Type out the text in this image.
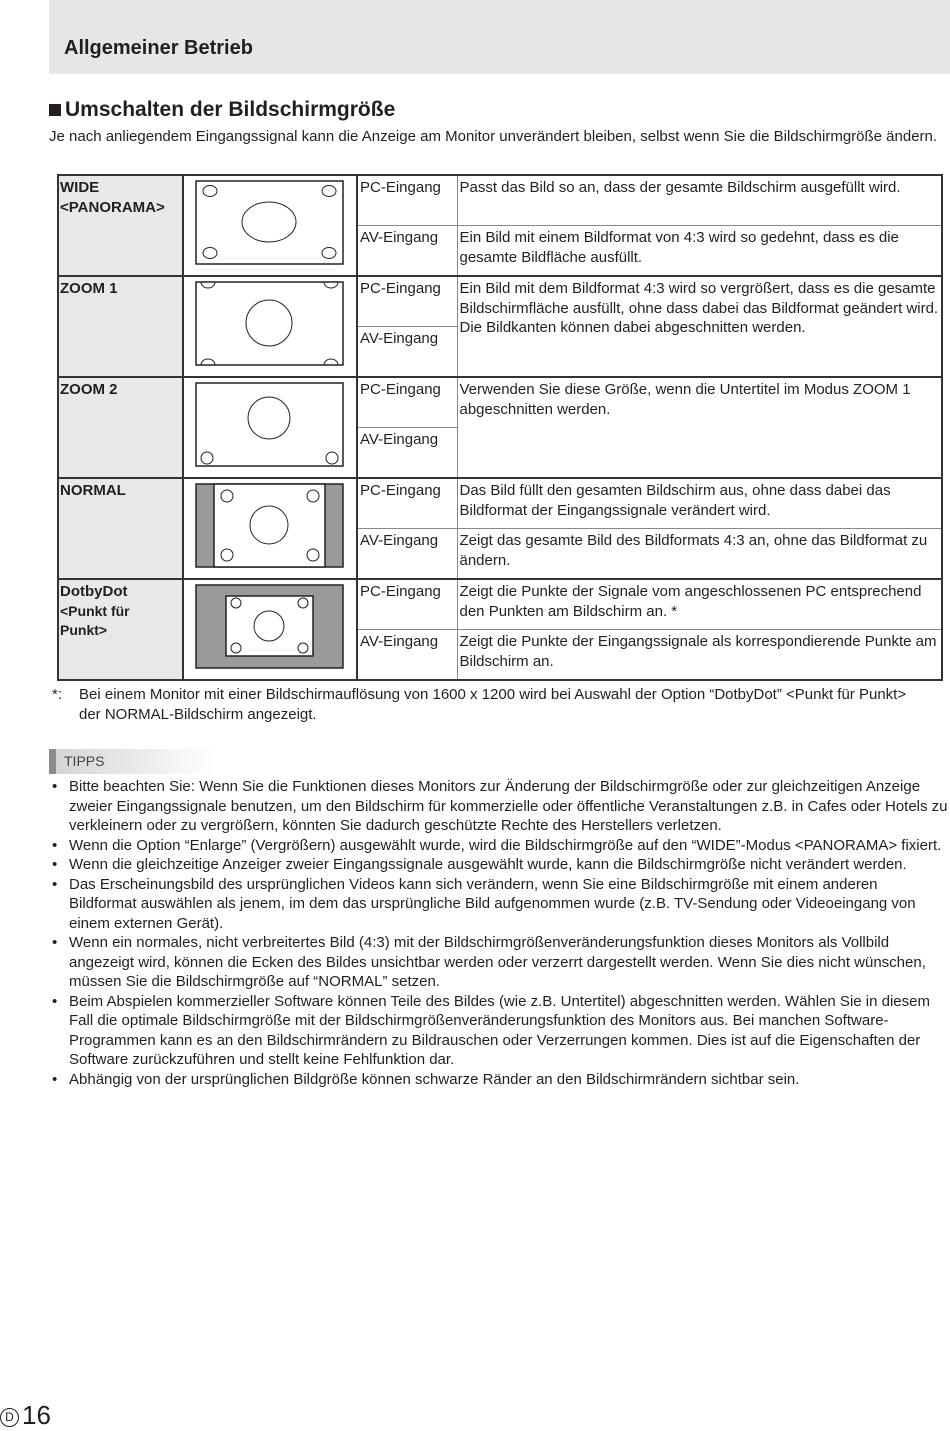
Allgemeiner Betrieb
Umschalten der Bildschirmgröße
Je nach anliegendem Eingangssignal kann die Anzeige am Monitor unverändert bleiben, selbst wenn Sie die Bildschirmgröße ändern.
WIDE
<PANORAMA>		PC-Eingang	Passt das Bild so an, dass der gesamte Bildschirm ausgefüllt wird.
		AV-Eingang	Ein Bild mit einem Bildformat von 4:3 wird so gedehnt, dass es die gesamte Bildfläche ausfüllt.
ZOOM 1		PC-Eingang	Ein Bild mit dem Bildformat 4:3 wird so vergrößert, dass es die gesamte Bildschirmfläche ausfüllt, ohne dass dabei das Bildformat geändert wird. Die Bildkanten können dabei abgeschnitten werden.
		AV-Eingang	
ZOOM 2		PC-Eingang	Verwenden Sie diese Größe, wenn die Untertitel im Modus ZOOM 1 abgeschnitten werden.
		AV-Eingang	
NORMAL		PC-Eingang	Das Bild füllt den gesamten Bildschirm aus, ohne dass dabei das Bildformat der Eingangssignale verändert wird.
		AV-Eingang	Zeigt das gesamte Bild des Bildformats 4:3 an, ohne das Bildformat zu ändern.

DotbyDot
<Punkt für Punkt>		PC-Eingang	Zeigt die Punkte der Signale vom angeschlossenen PC entsprechend den Punkten am Bildschirm an. *
		AV-Eingang	Zeigt die Punkte der Eingangssignale als korrespondierende Punkte am Bildschirm an.
*: Bei einem Monitor mit einer Bildschirmauflösung von 1600 x 1200 wird bei Auswahl der Option “DotbyDot” <Punkt für Punkt> der NORMAL-Bildschirm angezeigt.
TIPPS
• Bitte beachten Sie: Wenn Sie die Funktionen dieses Monitors zur Änderung der Bildschirmgröße oder zur gleichzeitigen Anzeige zweier Eingangssignale benutzen, um den Bildschirm für kommerzielle oder öffentliche Veranstaltungen z.B. in Cafes oder Hotels zu verkleinern oder zu vergrößern, könnten Sie dadurch geschützte Rechte des Herstellers verletzen.
• Wenn die Option “Enlarge” (Vergrößern) ausgewählt wurde, wird die Bildschirmgröße auf den “WIDE”-Modus <PANORAMA> fixiert.
• Wenn die gleichzeitige Anzeiger zweier Eingangssignale ausgewählt wurde, kann die Bildschirmgröße nicht verändert werden.
• Das Erscheinungsbild des ursprünglichen Videos kann sich verändern, wenn Sie eine Bildschirmgröße mit einem anderen Bildformat auswählen als jenem, im dem das ursprüngliche Bild aufgenommen wurde (z.B. TV-Sendung oder Videoeingang von einem externen Gerät).
• Wenn ein normales, nicht verbreitertes Bild (4:3) mit der Bildschirmgrößenveränderungsfunktion dieses Monitors als Vollbild angezeigt wird, können die Ecken des Bildes unsichtbar werden oder verzerrt dargestellt werden. Wenn Sie dies nicht wünschen, müssen Sie die Bildschirmgröße auf “NORMAL” setzen.
• Beim Abspielen kommerzieller Software können Teile des Bildes (wie z.B. Untertitel) abgeschnitten werden. Wählen Sie in diesem Fall die optimale Bildschirmgröße mit der Bildschirmgrößenveränderungsfunktion des Monitors aus. Bei manchen Software-Programmen kann es an den Bildschirmrändern zu Bildrauschen oder Verzerrungen kommen. Dies ist auf die Eigenschaften der Software zurückzuführen und stellt keine Fehlfunktion dar.
• Abhängig von der ursprünglichen Bildgröße können schwarze Ränder an den Bildschirmrändern sichtbar sein.
D 16
